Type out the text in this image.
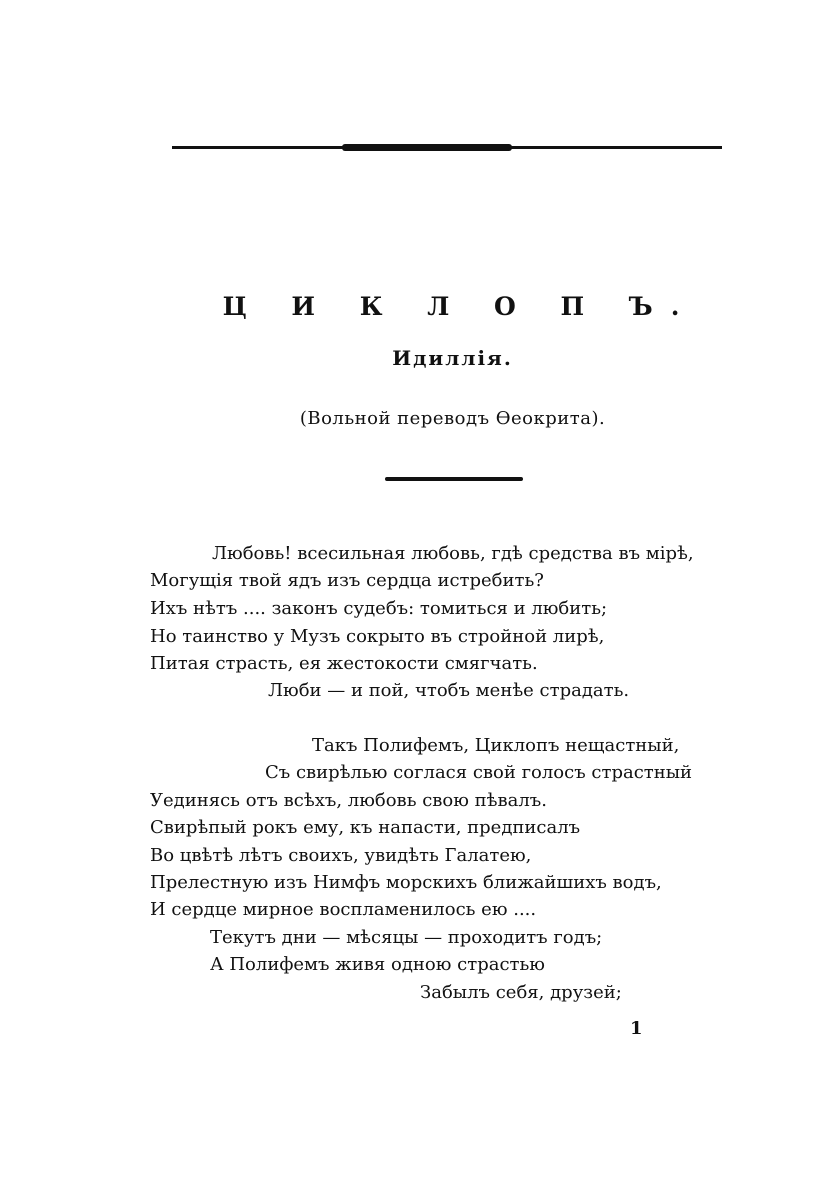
Ц И К Л О П Ъ.
Идиллія.
(Вольной переводъ Ѳеокрита).
Любовь! всесильная любовь, гдѣ средства въ мірѣ,
Могущія твой ядъ изъ сердца истребить?
Ихъ нѣтъ .... законъ судебъ: томиться и любить;
Но таинство у Музъ сокрыто въ стройной лирѣ,
Питая страсть, ея жестокости смягчать.
Люби — и пой, чтобъ менѣе страдать.
Такъ Полифемъ, Циклопъ нещастный,
Съ свирѣлью соглася свой голосъ страстный
Уединясь отъ всѣхъ, любовь свою пѣвалъ.
Свирѣпый рокъ ему, къ напасти, предписалъ
Во цвѣтѣ лѣтъ своихъ, увидѣть Галатею,
Прелестную изъ Нимфъ морскихъ ближайшихъ водъ,
И сердце мирное воспламенилось ею ....
Текутъ дни — мѣсяцы — проходитъ годъ;
А Полифемъ живя одною страстью
Забылъ себя, друзей;
1
